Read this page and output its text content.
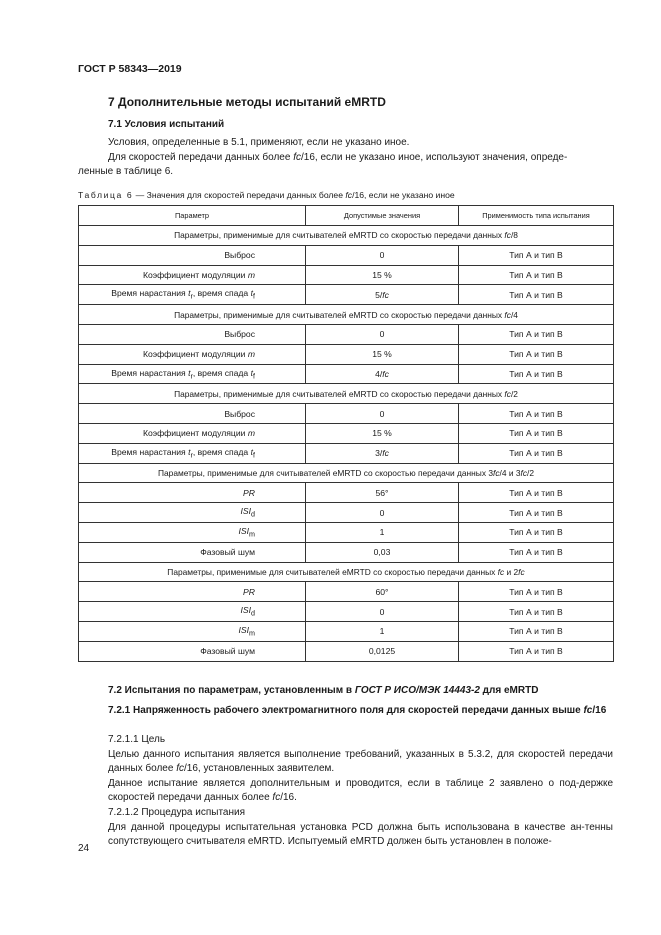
ГОСТ Р 58343—2019
7 Дополнительные методы испытаний eMRTD
7.1 Условия испытаний
Условия, определенные в 5.1, применяют, если не указано иное.
Для скоростей передачи данных более fc/16, если не указано иное, используют значения, опреде-
ленные в таблице 6.
Таблица 6 — Значения для скоростей передачи данных более fc/16, если не указано иное
Параметр	Допустимые значения	Применимость типа испытания
Параметры, применимые для считывателей eMRTD со скоростью передачи данных fc/8		
Выброс	0	Тип А и тип В
Коэффициент модуляции m	15 %	Тип А и тип В
Время нарастания $t_r$, время спада $t_f$	5/fc	Тип А и тип В
Параметры, применимые для считывателей eMRTD со скоростью передачи данных fc/4		
Выброс	0	Тип А и тип В
Коэффициент модуляции m	15 %	Тип А и тип В
Время нарастания $t_r$, время спада $t_f$	4/fc	Тип А и тип В
Параметры, применимые для считывателей eMRTD со скоростью передачи данных fc/2		
Выброс	0	Тип А и тип В
Коэффициент модуляции m	15 %	Тип А и тип В
Время нарастания $t_r$, время спада $t_f$	3/fc	Тип А и тип В
Параметры, применимые для считывателей eMRTD со скоростью передачи данных 3fc/4 и 3fc/2		
PR	56°	Тип А и тип В
$ISI_d$	0	Тип А и тип В
$ISI_m$	1	Тип А и тип В
Фазовый шум	0,03	Тип А и тип В
Параметры, применимые для считывателей eMRTD со скоростью передачи данных fc и 2fc		
PR	60°	Тип А и тип В
$ISI_d$	0	Тип А и тип В
$ISI_m$	1	Тип А и тип В
Фазовый шум	0,0125	Тип А и тип В
7.2 Испытания по параметрам, установленным в ГОСТ Р ИСО/МЭК 14443-2 для eMRTD
7.2.1 Напряженность рабочего электромагнитного поля для скоростей передачи данных выше fc/16
7.2.1.1 Цель
Целью данного испытания является выполнение требований, указанных в 5.3.2, для скоростей передачи данных более fc/16, установленных заявителем.
Данное испытание является дополнительным и проводится, если в таблице 2 заявлено о под-держке скоростей передачи данных более fc/16.
7.2.1.2 Процедура испытания
Для данной процедуры испытательная установка PCD должна быть использована в качестве ан-тенны сопутствующего считывателя eMRTD. Испытуемый eMRTD должен быть установлен в положе-
24
